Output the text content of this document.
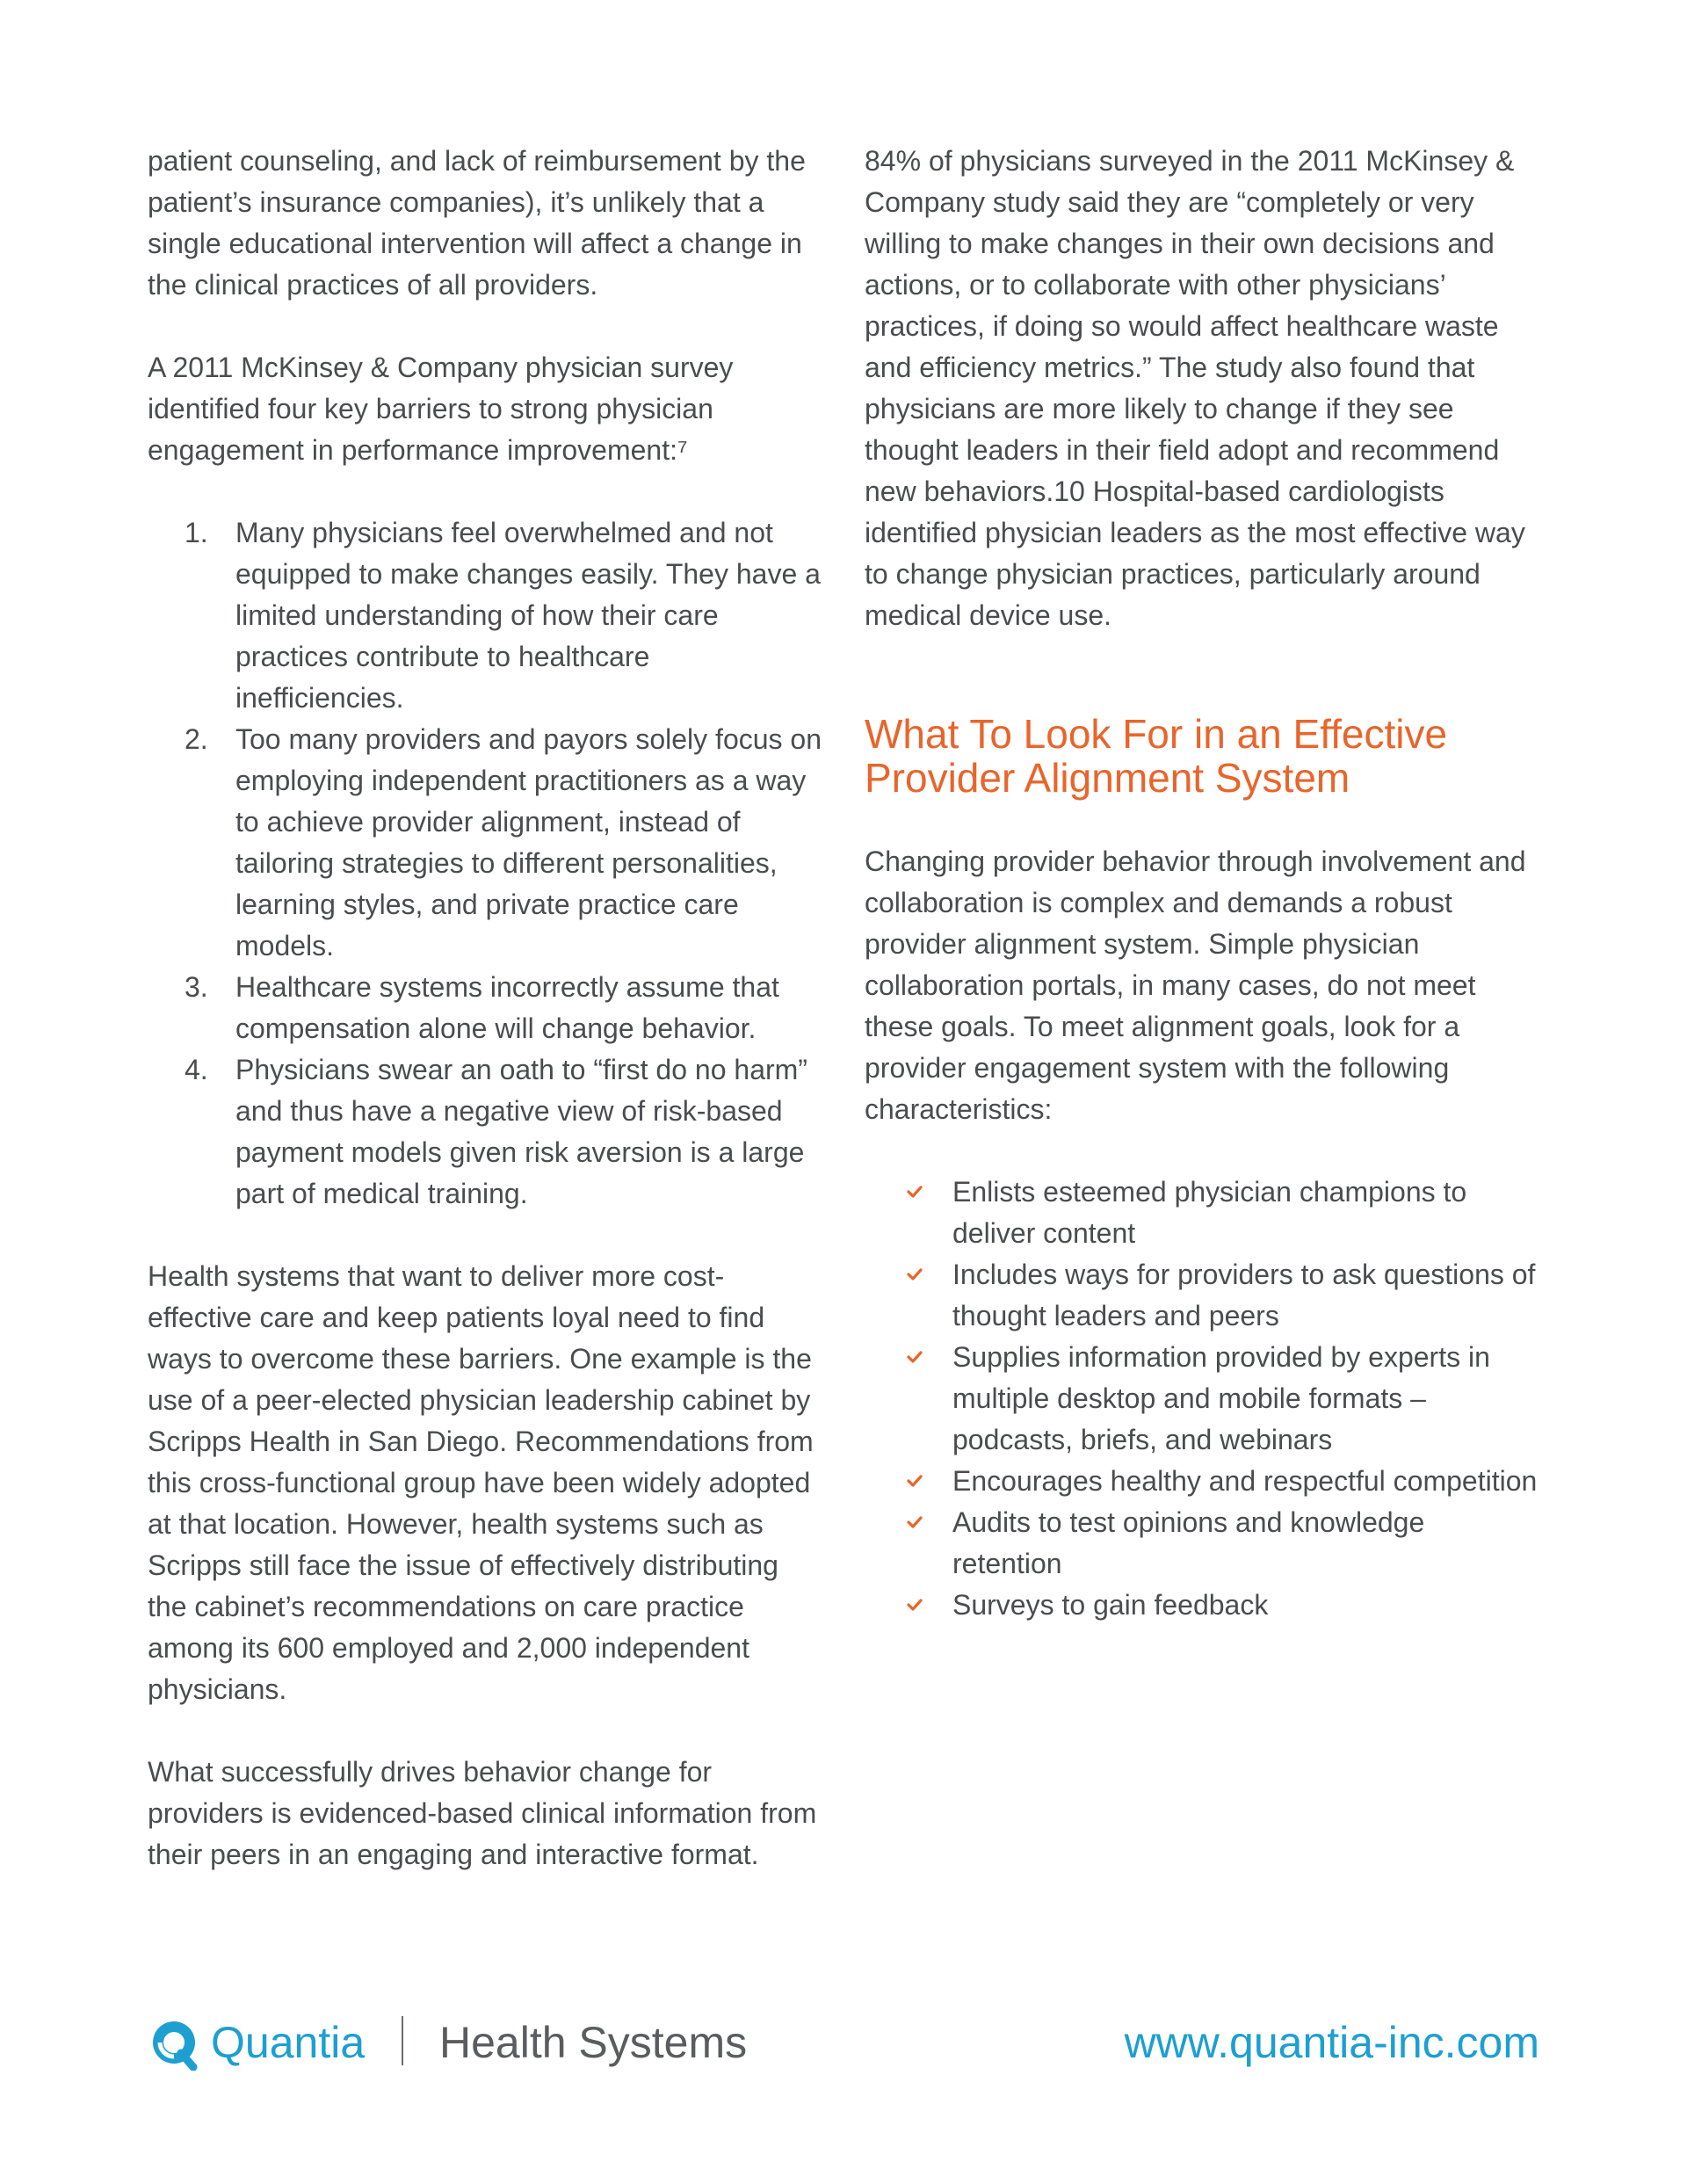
patient counseling, and lack of reimbursement by the patient’s insurance companies), it’s unlikely that a single educational intervention will affect a change in the clinical practices of all providers.

A 2011 McKinsey & Company physician survey identified four key barriers to strong physician engagement in performance improvement:⁷

1. Many physicians feel overwhelmed and not equipped to make changes easily. They have a limited understanding of how their care practices contribute to healthcare inefficiencies.
2. Too many providers and payors solely focus on employing independent practitioners as a way to achieve provider alignment, instead of tailoring strategies to different personalities, learning styles, and private practice care models.
3. Healthcare systems incorrectly assume that compensation alone will change behavior.
4. Physicians swear an oath to “first do no harm” and thus have a negative view of risk-based payment models given risk aversion is a large part of medical training.

Health systems that want to deliver more cost-effective care and keep patients loyal need to find ways to overcome these barriers. One example is the use of a peer-elected physician leadership cabinet by Scripps Health in San Diego. Recommendations from this cross-functional group have been widely adopted at that location. However, health systems such as Scripps still face the issue of effectively distributing the cabinet’s recommendations on care practice among its 600 employed and 2,000 independent physicians.

What successfully drives behavior change for providers is evidenced-based clinical information from their peers in an engaging and interactive format.

84% of physicians surveyed in the 2011 McKinsey & Company study said they are “completely or very willing to make changes in their own decisions and actions, or to collaborate with other physicians’ practices, if doing so would affect healthcare waste and efficiency metrics.” The study also found that physicians are more likely to change if they see thought leaders in their field adopt and recommend new behaviors.10 Hospital-based cardiologists identified physician leaders as the most effective way to change physician practices, particularly around medical device use.

What To Look For in an Effective Provider Alignment System

Changing provider behavior through involvement and collaboration is complex and demands a robust provider alignment system. Simple physician collaboration portals, in many cases, do not meet these goals. To meet alignment goals, look for a provider engagement system with the following characteristics:

Enlists esteemed physician champions to deliver content
Includes ways for providers to ask questions of thought leaders and peers
Supplies information provided by experts in multiple desktop and mobile formats – podcasts, briefs, and webinars
Encourages healthy and respectful competition
Audits to test opinions and knowledge retention
Surveys to gain feedback
Quantia Health Systems	www.quantia-inc.com
